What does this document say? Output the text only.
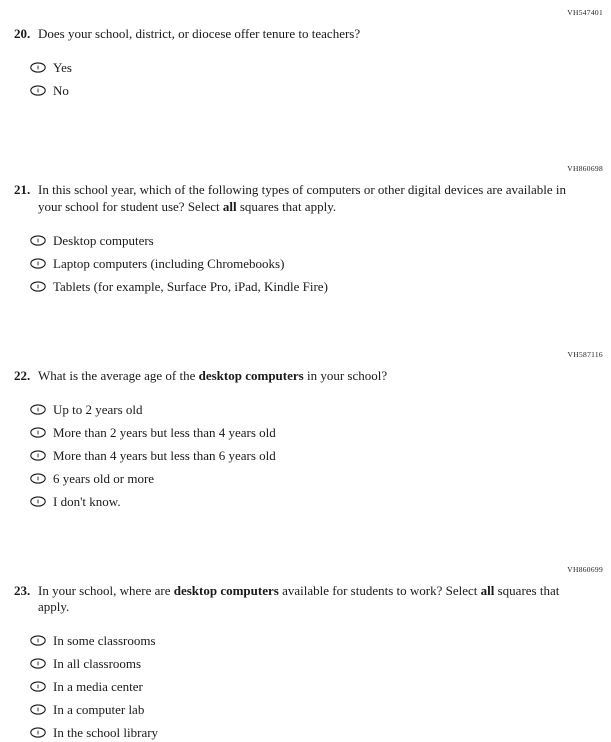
VH547401
20. Does your school, district, or diocese offer tenure to teachers?
Yes
No
VH860698
21. In this school year, which of the following types of computers or other digital devices are available in your school for student use? Select all squares that apply.
Desktop computers
Laptop computers (including Chromebooks)
Tablets (for example, Surface Pro, iPad, Kindle Fire)
VH587116
22. What is the average age of the desktop computers in your school?
Up to 2 years old
More than 2 years but less than 4 years old
More than 4 years but less than 6 years old
6 years old or more
I don't know.
VH860699
23. In your school, where are desktop computers available for students to work? Select all squares that apply.
In some classrooms
In all classrooms
In a media center
In a computer lab
In the school library
